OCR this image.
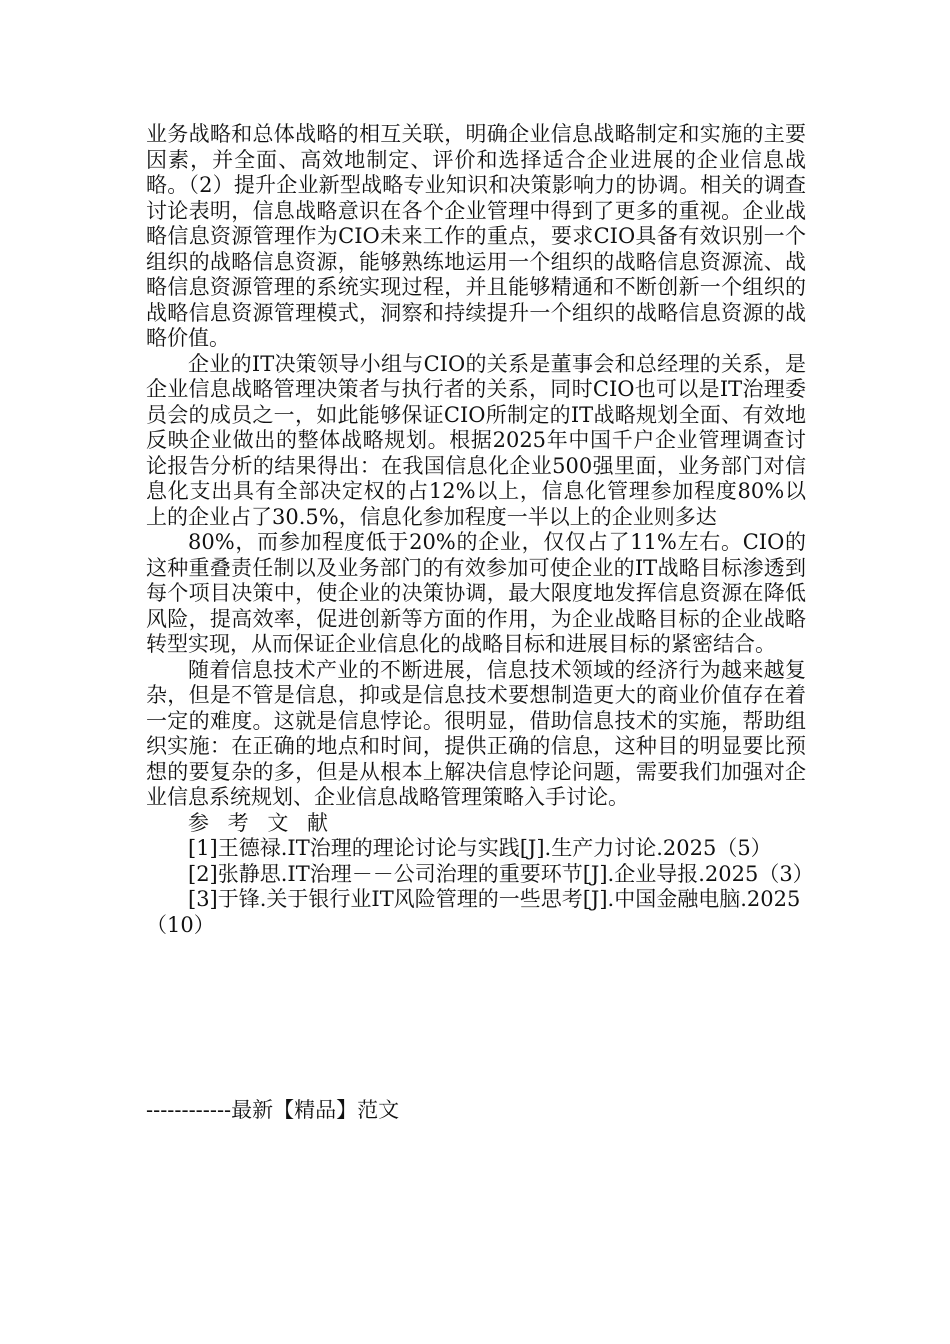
业务战略和总体战略的相互关联，明确企业信息战略制定和实施的主要因素，并全面、高效地制定、评价和选择适合企业进展的企业信息战略。（2）提升企业新型战略专业知识和决策影响力的协调。相关的调查讨论表明，信息战略意识在各个企业管理中得到了更多的重视。企业战略信息资源管理作为CIO未来工作的重点，要求CIO具备有效识别一个组织的战略信息资源，能够熟练地运用一个组织的战略信息资源流、战略信息资源管理的系统实现过程，并且能够精通和不断创新一个组织的战略信息资源管理模式，洞察和持续提升一个组织的战略信息资源的战略价值。

企业的IT决策领导小组与CIO的关系是董事会和总经理的关系，是企业信息战略管理决策者与执行者的关系，同时CIO也可以是IT治理委员会的成员之一，如此能够保证CIO所制定的IT战略规划全面、有效地反映企业做出的整体战略规划。根据2025年中国千户企业管理调查讨论报告分析的结果得出：在我国信息化企业500强里面，业务部门对信息化支出具有全部决定权的占12%以上，信息化管理参加程度80%以上的企业占了30.5%，信息化参加程度一半以上的企业则多达

80%，而参加程度低于20%的企业，仅仅占了11%左右。CIO的这种重叠责任制以及业务部门的有效参加可使企业的IT战略目标渗透到每个项目决策中，使企业的决策协调，最大限度地发挥信息资源在降低风险，提高效率，促进创新等方面的作用，为企业战略目标的企业战略转型实现，从而保证企业信息化的战略目标和进展目标的紧密结合。

随着信息技术产业的不断进展，信息技术领域的经济行为越来越复杂，但是不管是信息，抑或是信息技术要想制造更大的商业价值存在着一定的难度。这就是信息悖论。很明显，借助信息技术的实施，帮助组织实施：在正确的地点和时间，提供正确的信息，这种目的明显要比预想的要复杂的多，但是从根本上解决信息悖论问题，需要我们加强对企业信息系统规划、企业信息战略管理策略入手讨论。

参 考 文 献

[1]王德禄.IT治理的理论讨论与实践[J].生产力讨论.2025（5）

[2]张静思.IT治理－－公司治理的重要环节[J].企业导报.2025（3）

[3]于锋.关于银行业IT风险管理的一些思考[J].中国金融电脑.2025（10）

------------最新【精品】范文
